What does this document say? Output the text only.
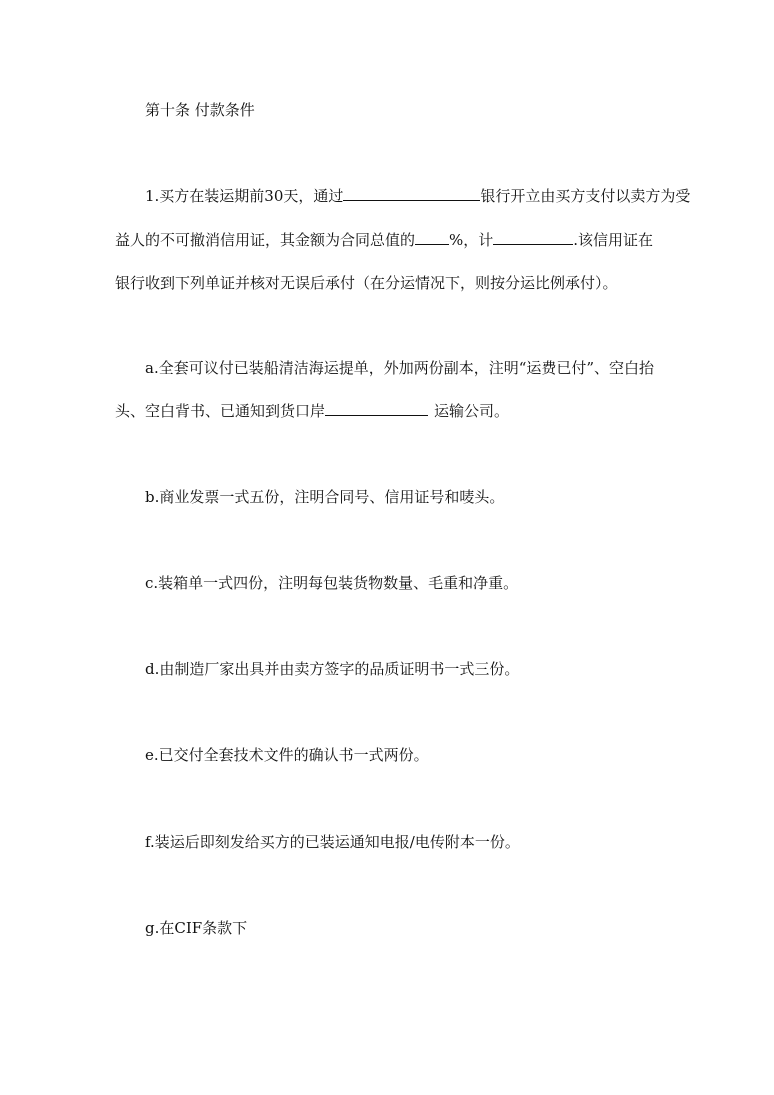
第十条 付款条件
1.买方在装运期前30天，通过	银行开立由买方支付以卖方为受
益人的不可撤消信用证，其金额为合同总值的 %，计	.该信用证在
银行收到下列单证并核对无误后承付（在分运情况下，则按分运比例承付）。
a.全套可议付已装船清洁海运提单，外加两份副本，注明“运费已付”、空白抬
头、空白背书、已通知到货口岸	运输公司。
b.商业发票一式五份，注明合同号、信用证号和唛头。
c.装箱单一式四份，注明每包装货物数量、毛重和净重。
d.由制造厂家出具并由卖方签字的品质证明书一式三份。
e.已交付全套技术文件的确认书一式两份。
f.装运后即刻发给买方的已装运通知电报/电传附本一份。
g.在CIF条款下
